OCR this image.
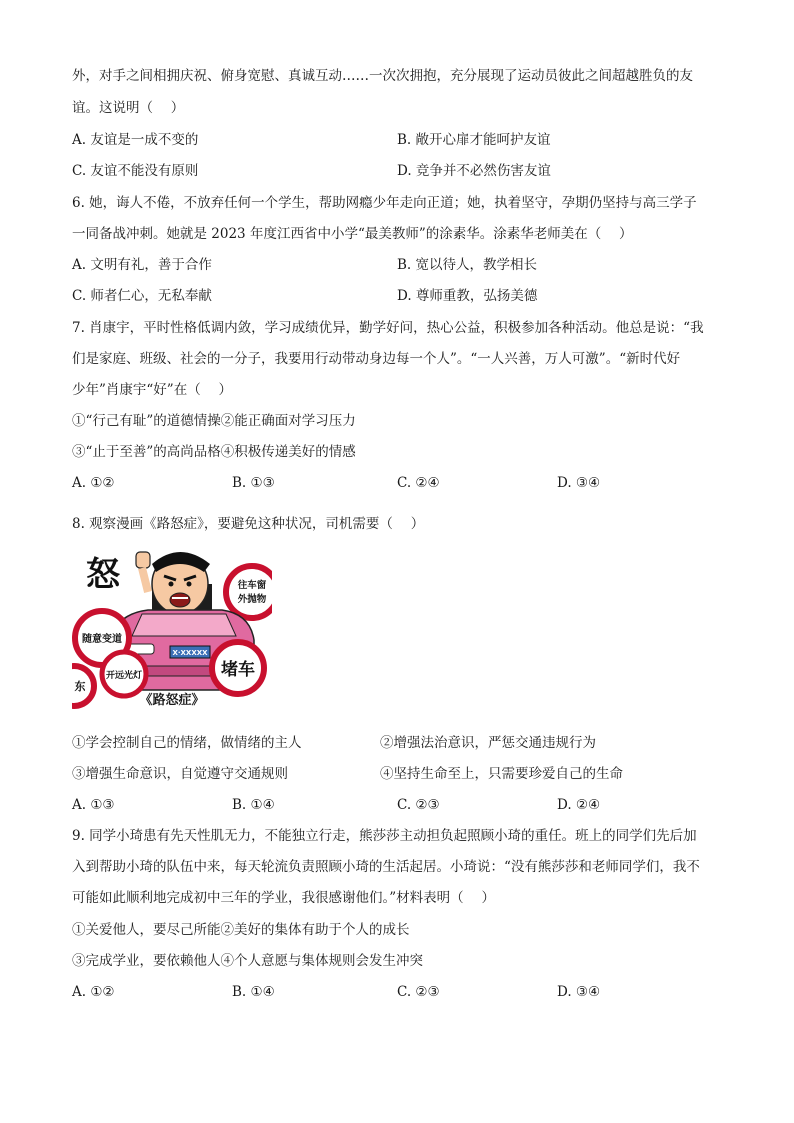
外，对手之间相拥庆祝、俯身宽慰、真诚互动……一次次拥抱，充分展现了运动员彼此之间超越胜负的友
谊。这说明（　 ）
A. 友谊是一成不变的	B. 敞开心扉才能呵护友谊
C. 友谊不能没有原则	D. 竞争并不必然伤害友谊
6. 她，诲人不倦，不放弃任何一个学生，帮助网瘾少年走向正道；她，执着坚守，孕期仍坚持与高三学子
一同备战冲刺。她就是 2023 年度江西省中小学“最美教师”的涂素华。涂素华老师美在（　 ）
A. 文明有礼，善于合作	B. 宽以待人，教学相长
C. 师者仁心，无私奉献	D. 尊师重教，弘扬美德
7. 肖康宇，平时性格低调内敛，学习成绩优异，勤学好问，热心公益，积极参加各种活动。他总是说：“我
们是家庭、班级、社会的一分子，我要用行动带动身边每一个人”。“一人兴善，万人可激”。“新时代好
少年”肖康宇“好”在（　 ）
①“行己有耻”的道德情操②能正确面对学习压力
③“止于至善”的高尚品格④积极传递美好的情感
A. ①②	B. ①③	C. ②④	D. ③④
8. 观察漫画《路怒症》，要避免这种状况，司机需要（　 ）
怒	往车窗
外抛物
X·XXXXX
随意变道
东
开远光灯	堵车
《路怒症》
①学会控制自己的情绪，做情绪的主人	②增强法治意识，严惩交通违规行为
③增强生命意识，自觉遵守交通规则	④坚持生命至上，只需要珍爱自己的生命
A. ①③	B. ①④	C. ②③	D. ②④
9. 同学小琦患有先天性肌无力，不能独立行走，熊莎莎主动担负起照顾小琦的重任。班上的同学们先后加
入到帮助小琦的队伍中来，每天轮流负责照顾小琦的生活起居。小琦说：“没有熊莎莎和老师同学们，我不
可能如此顺利地完成初中三年的学业，我很感谢他们。”材料表明（　 ）
①关爱他人，要尽己所能②美好的集体有助于个人的成长
③完成学业，要依赖他人④个人意愿与集体规则会发生冲突
A. ①②	B. ①④	C. ②③	D. ③④
